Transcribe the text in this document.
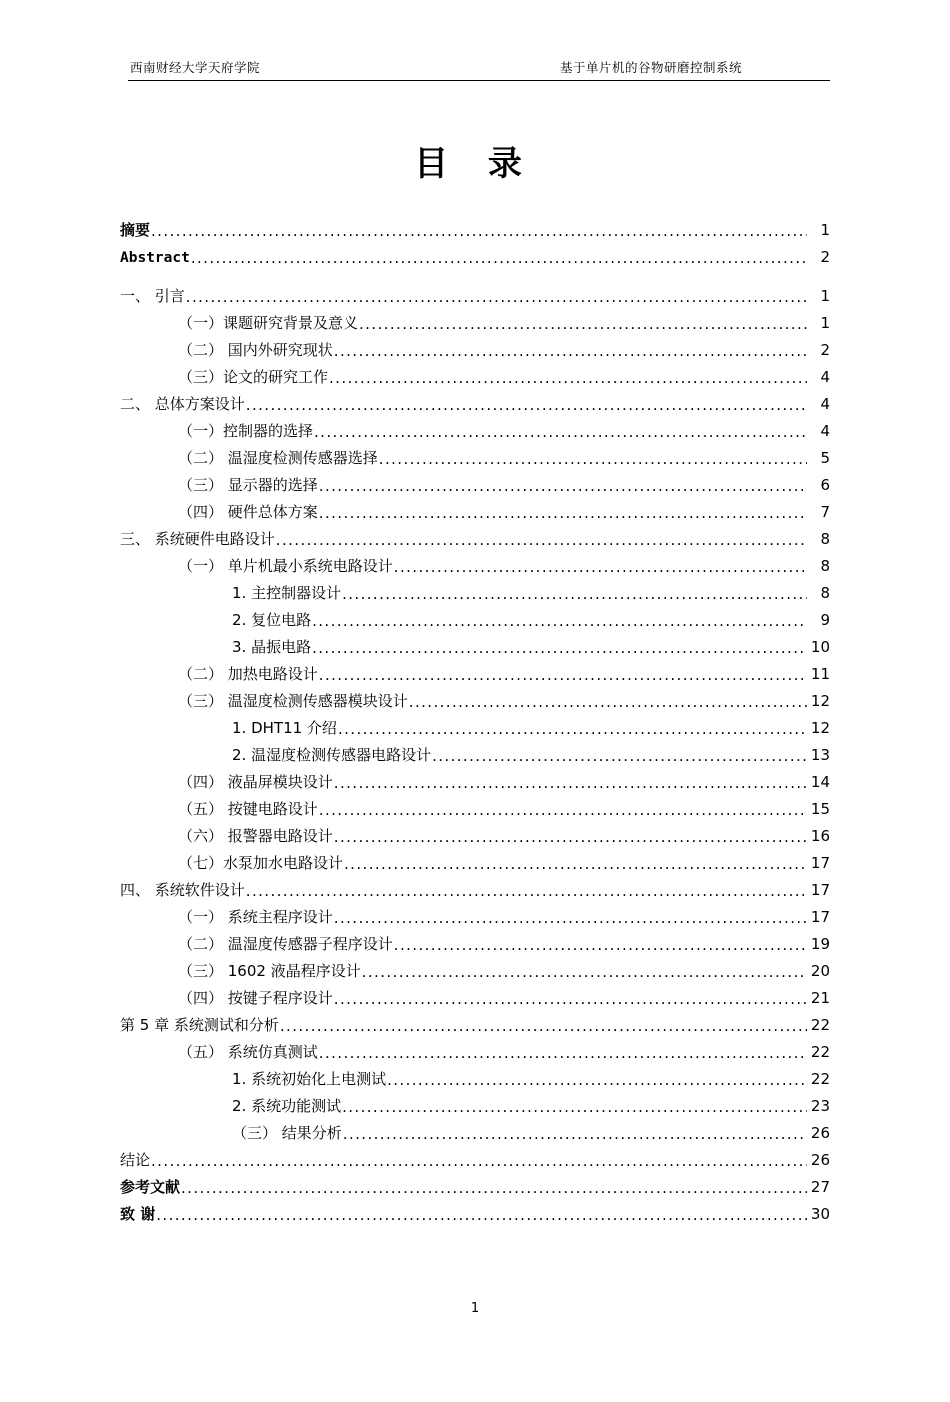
西南财经大学天府学院	基于单片机的谷物研磨控制系统
目 录
摘要 .....	1
Abstract .....	2
一、 引言 .....	1
（一）课题研究背景及意义 .....	1
（二） 国内外研究现状 .....	2
（三）论文的研究工作 .....	4
二、 总体方案设计 .....	4
（一）控制器的选择 .....	4
（二） 温湿度检测传感器选择 .....	5
（三） 显示器的选择 .....	6
（四） 硬件总体方案 .....	7
三、 系统硬件电路设计 .....	8
（一） 单片机最小系统电路设计 .....	8
1. 主控制器设计 .....	8
2. 复位电路 .....	9
3. 晶振电路 .....	10
（二） 加热电路设计 .....	11
（三） 温湿度检测传感器模块设计 .....	12
1. DHT11 介绍 .....	12
2. 温湿度检测传感器电路设计 .....	13
（四） 液晶屏模块设计 .....	14
（五） 按键电路设计 .....	15
（六） 报警器电路设计 .....	16
（七）水泵加水电路设计 .....	17
四、 系统软件设计 .....	17
（一） 系统主程序设计 .....	17
（二） 温湿度传感器子程序设计 .....	19
（三） 1602 液晶程序设计 .....	20
（四） 按键子程序设计 .....	21
第 5 章 系统测试和分析 .....	22
（五） 系统仿真测试 .....	22
1. 系统初始化上电测试 .....	22
2. 系统功能测试 .....	23
（三） 结果分析 .....	26
结论 .....	26
参考文献 .....	27
致 谢 .....	30
1
